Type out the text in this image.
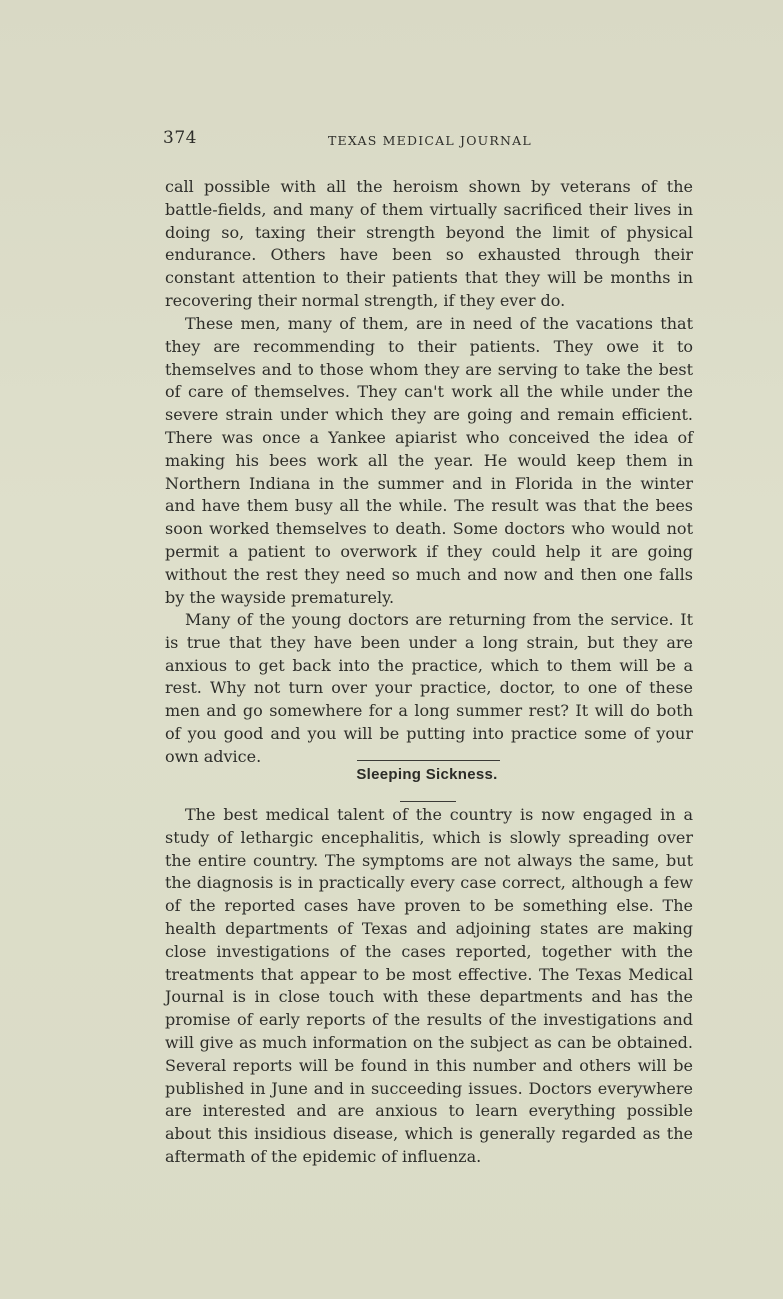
374	TEXAS MEDICAL JOURNAL

call possible with all the heroism shown by veterans of the battle-fields, and many of them virtually sacrificed their lives in doing so, taxing their strength beyond the limit of physical endurance. Others have been so exhausted through their constant attention to their patients that they will be months in recovering their normal strength, if they ever do.

These men, many of them, are in need of the vacations that they are recommending to their patients. They owe it to themselves and to those whom they are serving to take the best of care of themselves. They can't work all the while under the severe strain under which they are going and remain efficient. There was once a Yankee apiarist who conceived the idea of making his bees work all the year. He would keep them in Northern Indiana in the summer and in Florida in the winter and have them busy all the while. The result was that the bees soon worked themselves to death. Some doctors who would not permit a patient to overwork if they could help it are going without the rest they need so much and now and then one falls by the wayside prematurely.

Many of the young doctors are returning from the service. It is true that they have been under a long strain, but they are anxious to get back into the practice, which to them will be a rest. Why not turn over your practice, doctor, to one of these men and go somewhere for a long summer rest? It will do both of you good and you will be putting into practice some of your own advice.

Sleeping Sickness.

The best medical talent of the country is now engaged in a study of lethargic encephalitis, which is slowly spreading over the entire country. The symptoms are not always the same, but the diagnosis is in practically every case correct, although a few of the reported cases have proven to be something else. The health departments of Texas and adjoining states are making close investigations of the cases reported, together with the treatments that appear to be most effective. The Texas Medical Journal is in close touch with these departments and has the promise of early reports of the results of the investigations and will give as much information on the subject as can be obtained. Several reports will be found in this number and others will be published in June and in succeeding issues. Doctors everywhere are interested and are anxious to learn everything possible about this insidious disease, which is generally regarded as the aftermath of the epidemic of influenza.
